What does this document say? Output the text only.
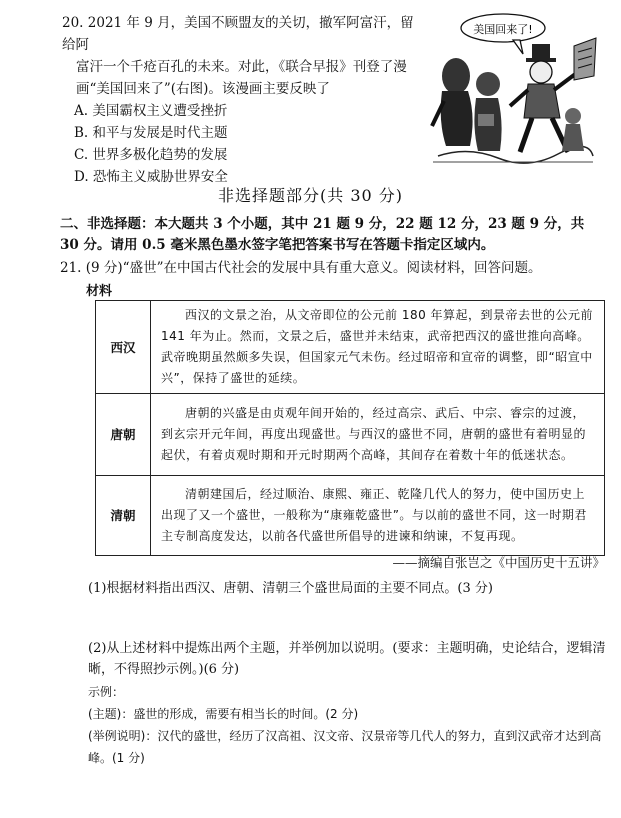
20. 2021 年 9 月，美国不顾盟友的关切，撤军阿富汗，留给阿
富汗一个千疮百孔的未来。对此，《联合早报》刊登了漫
画“美国回来了”(右图)。该漫画主要反映了
A. 美国霸权主义遭受挫折
B. 和平与发展是时代主题
C. 世界多极化趋势的发展
D. 恐怖主义威胁世界安全
美国回来了!
非选择题部分(共 30 分)
二、非选择题：本大题共 3 个小题，其中 21 题 9 分，22 题 12 分，23 题 9 分，共 30 分。请用 0.5 毫米黑色墨水签字笔把答案书写在答题卡指定区域内。
21. (9 分)“盛世”在中国古代社会的发展中具有重大意义。阅读材料，回答问题。
材料
西汉	西汉的文景之治，从文帝即位的公元前 180 年算起，到景帝去世的公元前 141 年为止。然而，文景之后，盛世并未结束，武帝把西汉的盛世推向高峰。武帝晚期虽然颇多失误，但国家元气未伤。经过昭帝和宣帝的调整，即“昭宣中兴”，保持了盛世的延续。
唐朝	唐朝的兴盛是由贞观年间开始的，经过高宗、武后、中宗、睿宗的过渡，到玄宗开元年间，再度出现盛世。与西汉的盛世不同，唐朝的盛世有着明显的起伏，有着贞观时期和开元时期两个高峰，其间存在着数十年的低迷状态。
清朝	清朝建国后，经过顺治、康熙、雍正、乾隆几代人的努力，使中国历史上出现了又一个盛世，一般称为“康雍乾盛世”。与以前的盛世不同，这一时期君主专制高度发达，以前各代盛世所倡导的进谏和纳谏，不复再现。
——摘编自张岂之《中国历史十五讲》
(1)根据材料指出西汉、唐朝、清朝三个盛世局面的主要不同点。(3 分)
(2)从上述材料中提炼出两个主题，并举例加以说明。(要求：主题明确，史论结合，逻辑清晰，不得照抄示例。)(6 分)
示例：
(主题)：盛世的形成，需要有相当长的时间。(2 分)
(举例说明)：汉代的盛世，经历了汉高祖、汉文帝、汉景帝等几代人的努力，直到汉武帝才达到高峰。(1 分)
